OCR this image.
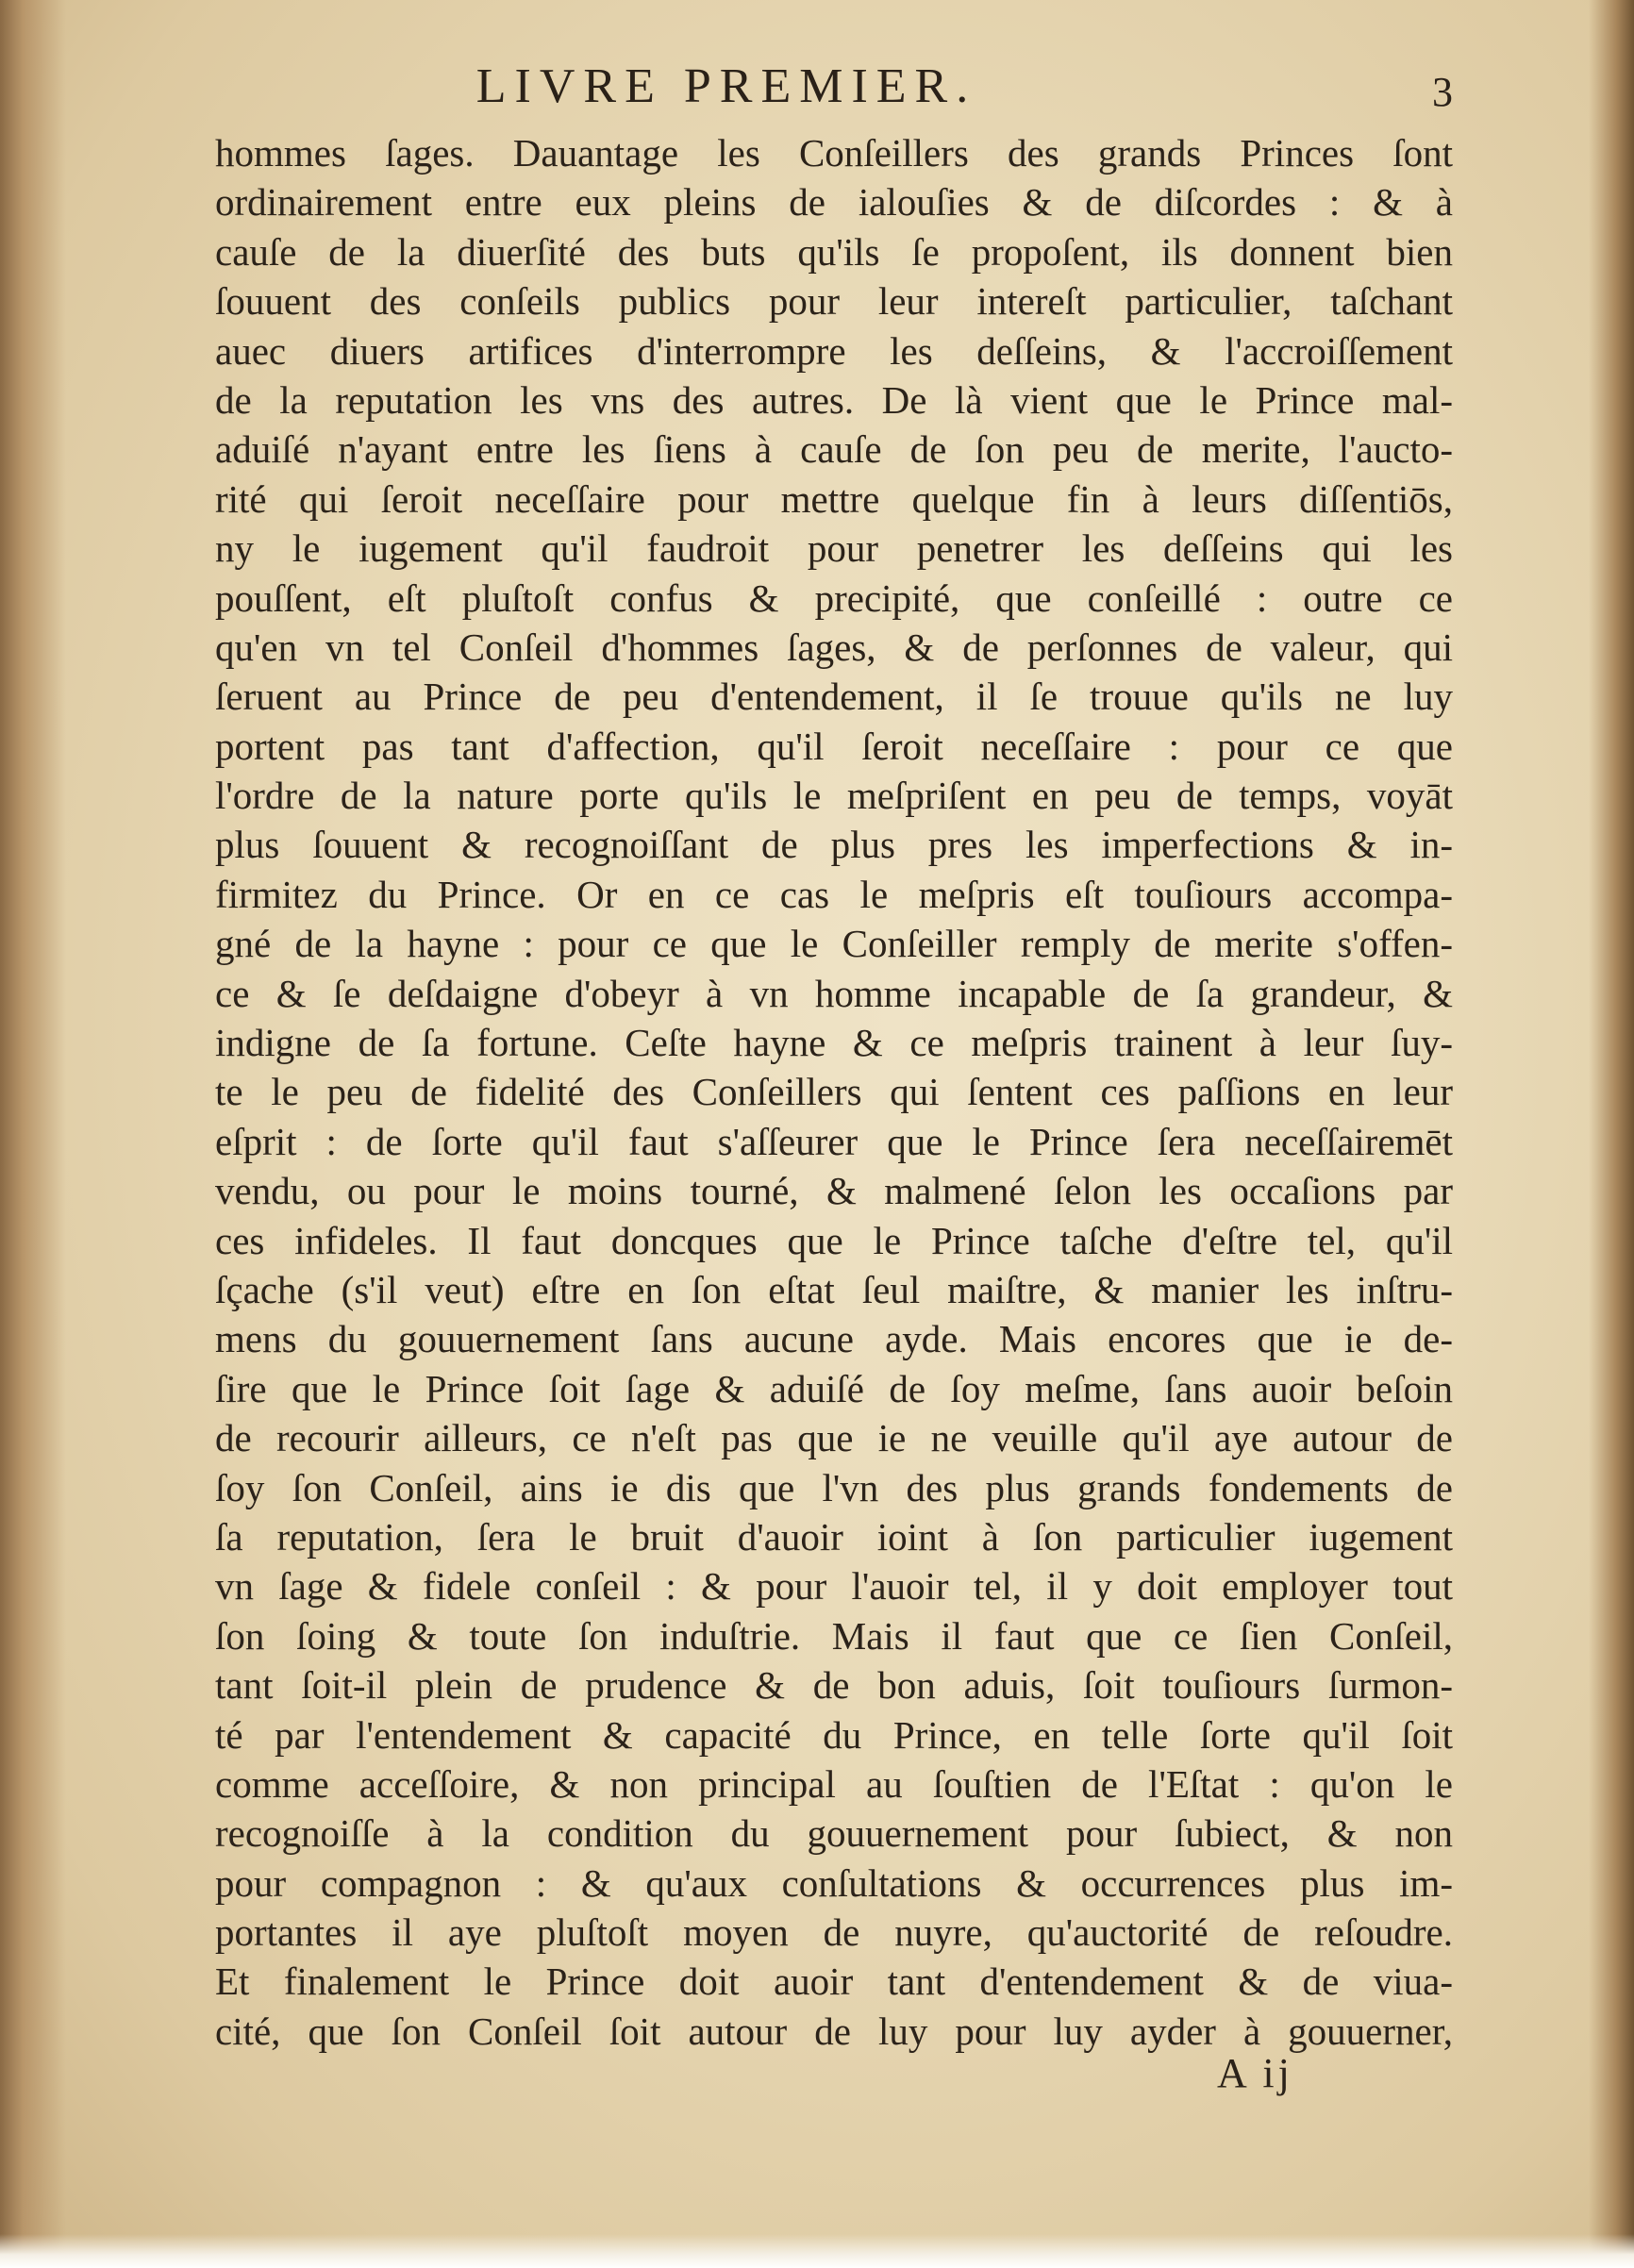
LIVRE PREMIER.	3
hommes ſages. Dauantage les Conſeillers des grands Princes ſont
ordinairement entre eux pleins de ialouſies & de diſcordes : & à
cauſe de la diuerſité des buts qu'ils ſe propoſent, ils donnent bien
ſouuent des conſeils publics pour leur intereſt particulier, taſchant
auec diuers artifices d'interrompre les deſſeins, & l'accroiſſement
de la reputation les vns des autres. De là vient que le Prince mal-
aduiſé n'ayant entre les ſiens à cauſe de ſon peu de merite, l'aucto-
rité qui ſeroit neceſſaire pour mettre quelque fin à leurs diſſentiōs,
ny le iugement qu'il faudroit pour penetrer les deſſeins qui les
pouſſent, eſt pluſtoſt confus & precipité, que conſeillé : outre ce
qu'en vn tel Conſeil d'hommes ſages, & de perſonnes de valeur, qui
ſeruent au Prince de peu d'entendement, il ſe trouue qu'ils ne luy
portent pas tant d'affection, qu'il ſeroit neceſſaire : pour ce que
l'ordre de la nature porte qu'ils le meſpriſent en peu de temps, voyāt
plus ſouuent & recognoiſſant de plus pres les imperfections & in-
firmitez du Prince. Or en ce cas le meſpris eſt touſiours accompa-
gné de la hayne : pour ce que le Conſeiller remply de merite s'offen-
ce & ſe deſdaigne d'obeyr à vn homme incapable de ſa grandeur, &
indigne de ſa fortune. Ceſte hayne & ce meſpris trainent à leur ſuy-
te le peu de fidelité des Conſeillers qui ſentent ces paſſions en leur
eſprit : de ſorte qu'il faut s'aſſeurer que le Prince ſera neceſſairemēt
vendu, ou pour le moins tourné, & malmené ſelon les occaſions par
ces infideles. Il faut doncques que le Prince taſche d'eſtre tel, qu'il
ſçache (s'il veut) eſtre en ſon eſtat ſeul maiſtre, & manier les inſtru-
mens du gouuernement ſans aucune ayde. Mais encores que ie de-
ſire que le Prince ſoit ſage & aduiſé de ſoy meſme, ſans auoir beſoin
de recourir ailleurs, ce n'eſt pas que ie ne veuille qu'il aye autour de
ſoy ſon Conſeil, ains ie dis que l'vn des plus grands fondements de
ſa reputation, ſera le bruit d'auoir ioint à ſon particulier iugement
vn ſage & fidele conſeil : & pour l'auoir tel, il y doit employer tout
ſon ſoing & toute ſon induſtrie. Mais il faut que ce ſien Conſeil,
tant ſoit-il plein de prudence & de bon aduis, ſoit touſiours ſurmon-
té par l'entendement & capacité du Prince, en telle ſorte qu'il ſoit
comme acceſſoire, & non principal au ſouſtien de l'Eſtat : qu'on le
recognoiſſe à la condition du gouuernement pour ſubiect, & non
pour compagnon : & qu'aux conſultations & occurrences plus im-
portantes il aye pluſtoſt moyen de nuyre, qu'auctorité de reſoudre.
Et finalement le Prince doit auoir tant d'entendement & de viua-
cité, que ſon Conſeil ſoit autour de luy pour luy ayder à gouuerner,
A ij
